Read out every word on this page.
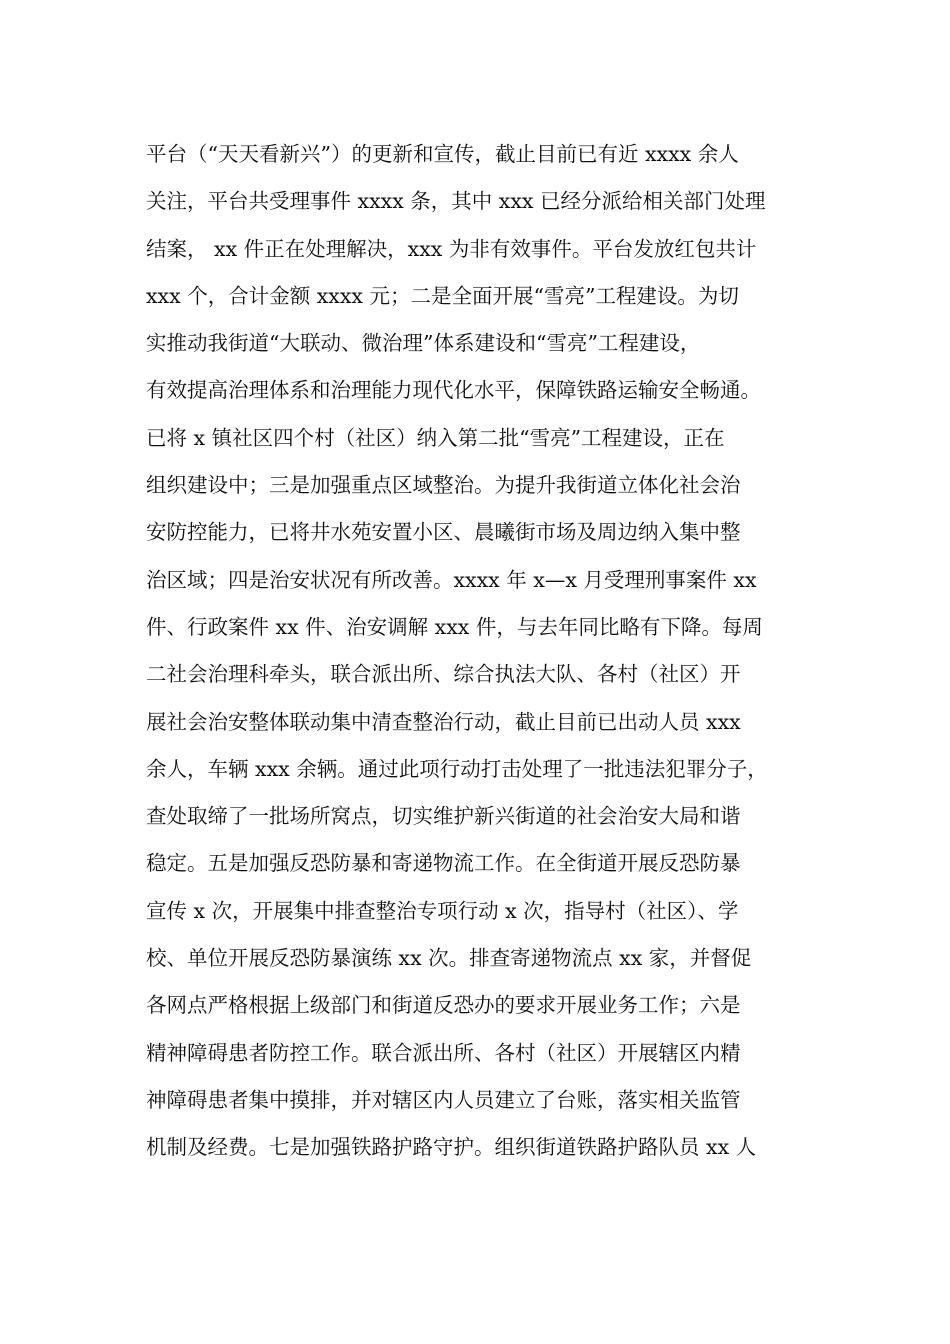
平台（“天天看新兴”）的更新和宣传，截止目前已有近 xxxx 余人
关注，平台共受理事件 xxxx 条，其中 xxx 已经分派给相关部门处理
结案， xx 件正在处理解决，xxx 为非有效事件。平台发放红包共计
xxx 个，合计金额 xxxx 元；二是全面开展“雪亮”工程建设。为切
实推动我街道“大联动、微治理”体系建设和“雪亮”工程建设，
有效提高治理体系和治理能力现代化水平，保障铁路运输安全畅通。
已将 x 镇社区四个村（社区）纳入第二批“雪亮”工程建设，正在
组织建设中；三是加强重点区域整治。为提升我街道立体化社会治
安防控能力，已将井水苑安置小区、晨曦街市场及周边纳入集中整
治区域；四是治安状况有所改善。xxxx 年 x—x 月受理刑事案件 xx
件、行政案件 xx 件、治安调解 xxx 件，与去年同比略有下降。每周
二社会治理科牵头，联合派出所、综合执法大队、各村（社区）开
展社会治安整体联动集中清查整治行动，截止目前已出动人员 xxx
余人，车辆 xxx 余辆。通过此项行动打击处理了一批违法犯罪分子，
查处取缔了一批场所窝点，切实维护新兴街道的社会治安大局和谐
稳定。五是加强反恐防暴和寄递物流工作。在全街道开展反恐防暴
宣传 x 次，开展集中排查整治专项行动 x 次，指导村（社区）、学
校、单位开展反恐防暴演练 xx 次。排查寄递物流点 xx 家，并督促
各网点严格根据上级部门和街道反恐办的要求开展业务工作；六是
精神障碍患者防控工作。联合派出所、各村（社区）开展辖区内精
神障碍患者集中摸排，并对辖区内人员建立了台账，落实相关监管
机制及经费。七是加强铁路护路守护。组织街道铁路护路队员 xx 人
